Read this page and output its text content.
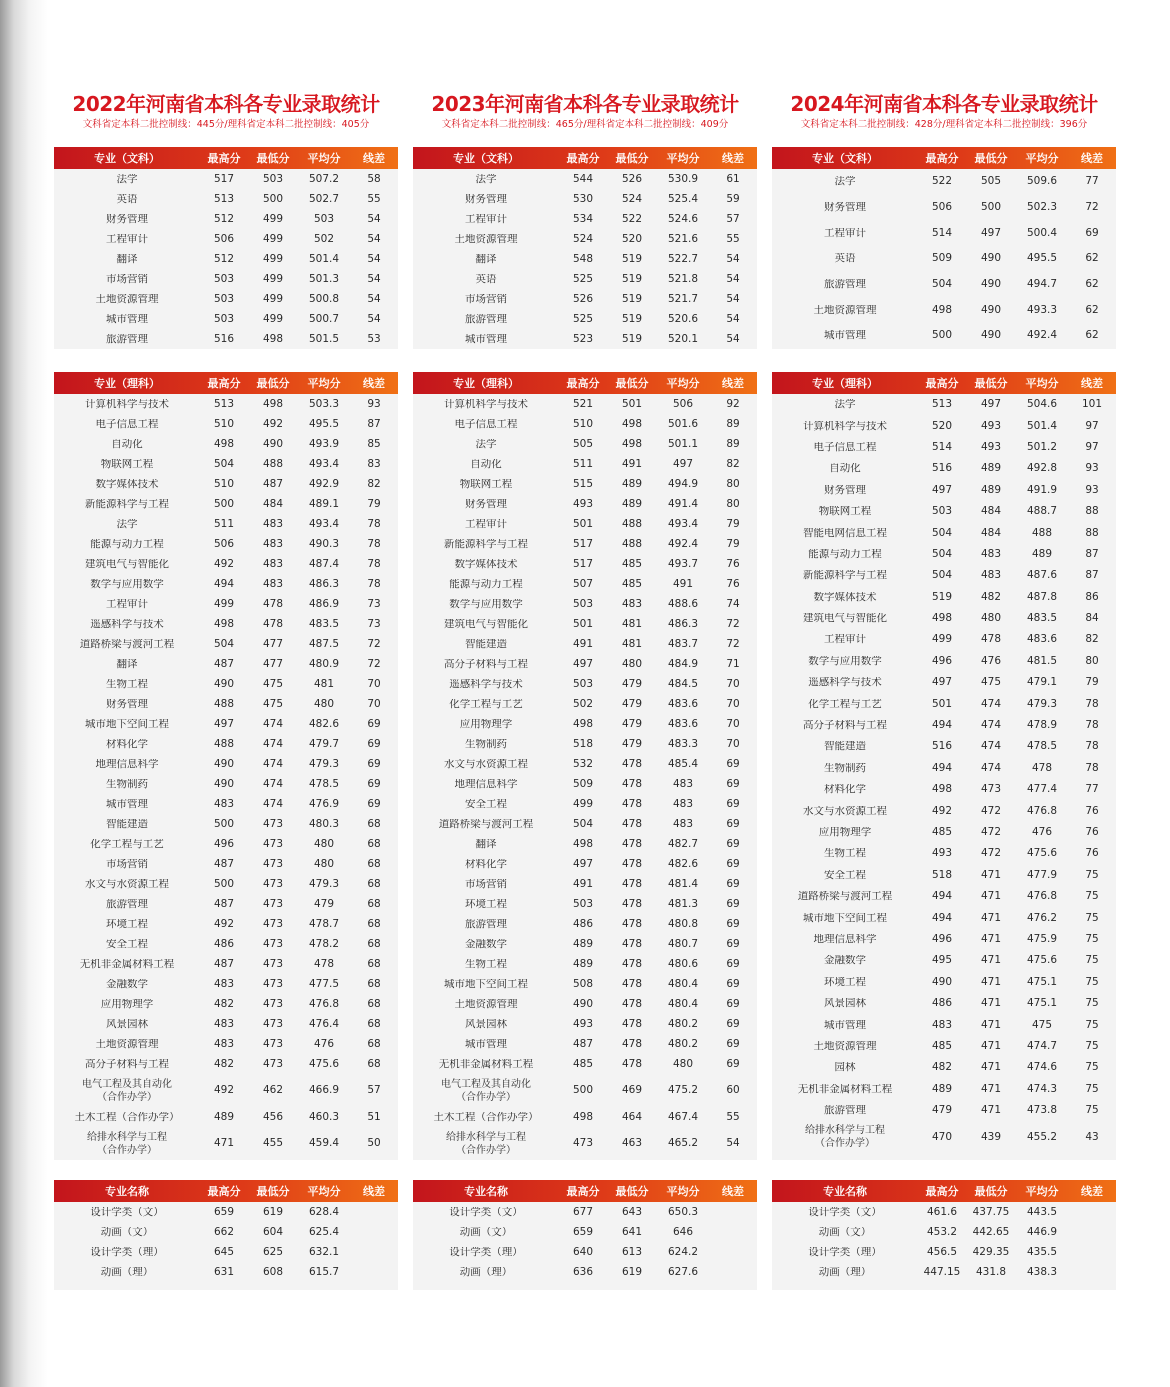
2022年河南省本科各专业录取统计
文科省定本科二批控制线：445分/理科省定本科二批控制线：405分
专业（文科）	最高分	最低分	平均分	线差
法学	517	503	507.2	58
英语	513	500	502.7	55
财务管理	512	499	503	54
工程审计	506	499	502	54
翻译	512	499	501.4	54
市场营销	503	499	501.3	54
土地资源管理	503	499	500.8	54
城市管理	503	499	500.7	54
旅游管理	516	498	501.5	53
专业（理科）	最高分	最低分	平均分	线差
计算机科学与技术	513	498	503.3	93
电子信息工程	510	492	495.5	87
自动化	498	490	493.9	85
物联网工程	504	488	493.4	83
数字媒体技术	510	487	492.9	82
新能源科学与工程	500	484	489.1	79
法学	511	483	493.4	78
能源与动力工程	506	483	490.3	78
建筑电气与智能化	492	483	487.4	78
数学与应用数学	494	483	486.3	78
工程审计	499	478	486.9	73
遥感科学与技术	498	478	483.5	73
道路桥梁与渡河工程	504	477	487.5	72
翻译	487	477	480.9	72
生物工程	490	475	481	70
财务管理	488	475	480	70
城市地下空间工程	497	474	482.6	69
材料化学	488	474	479.7	69
地理信息科学	490	474	479.3	69
生物制药	490	474	478.5	69
城市管理	483	474	476.9	69
智能建造	500	473	480.3	68
化学工程与工艺	496	473	480	68
市场营销	487	473	480	68
水文与水资源工程	500	473	479.3	68
旅游管理	487	473	479	68
环境工程	492	473	478.7	68
安全工程	486	473	478.2	68
无机非金属材料工程	487	473	478	68
金融数学	483	473	477.5	68
应用物理学	482	473	476.8	68
风景园林	483	473	476.4	68
土地资源管理	483	473	476	68
高分子材料与工程	482	473	475.6	68
电气工程及其自动化
（合作办学）
492	462	466.9	57
土木工程（合作办学）	489	456	460.3	51
给排水科学与工程
（合作办学）
471	455	459.4	50
专业名称	最高分	最低分	平均分	线差
设计学类（文）	659	619	628.4
动画（文）	662	604	625.4
设计学类（理）	645	625	632.1
动画（理）	631	608	615.7
2023年河南省本科各专业录取统计
文科省定本科二批控制线：465分/理科省定本科二批控制线：409分
专业（文科）	最高分	最低分	平均分	线差
法学	544	526	530.9	61
财务管理	530	524	525.4	59
工程审计	534	522	524.6	57
土地资源管理	524	520	521.6	55
翻译	548	519	522.7	54
英语	525	519	521.8	54
市场营销	526	519	521.7	54
旅游管理	525	519	520.6	54
城市管理	523	519	520.1	54
专业（理科）	最高分	最低分	平均分	线差
计算机科学与技术	521	501	506	92
电子信息工程	510	498	501.6	89
法学	505	498	501.1	89
自动化	511	491	497	82
物联网工程	515	489	494.9	80
财务管理	493	489	491.4	80
工程审计	501	488	493.4	79
新能源科学与工程	517	488	492.4	79
数字媒体技术	517	485	493.7	76
能源与动力工程	507	485	491	76
数学与应用数学	503	483	488.6	74
建筑电气与智能化	501	481	486.3	72
智能建造	491	481	483.7	72
高分子材料与工程	497	480	484.9	71
遥感科学与技术	503	479	484.5	70
化学工程与工艺	502	479	483.6	70
应用物理学	498	479	483.6	70
生物制药	518	479	483.3	70
水文与水资源工程	532	478	485.4	69
地理信息科学	509	478	483	69
安全工程	499	478	483	69
道路桥梁与渡河工程	504	478	483	69
翻译	498	478	482.7	69
材料化学	497	478	482.6	69
市场营销	491	478	481.4	69
环境工程	503	478	481.3	69
旅游管理	486	478	480.8	69
金融数学	489	478	480.7	69
生物工程	489	478	480.6	69
城市地下空间工程	508	478	480.4	69
土地资源管理	490	478	480.4	69
风景园林	493	478	480.2	69
城市管理	487	478	480.2	69
无机非金属材料工程	485	478	480	69
电气工程及其自动化
（合作办学）
500	469	475.2	60
土木工程（合作办学）	498	464	467.4	55
给排水科学与工程
（合作办学）
473	463	465.2	54
专业名称	最高分	最低分	平均分	线差
设计学类（文）	677	643	650.3
动画（文）	659	641	646
设计学类（理）	640	613	624.2
动画（理）	636	619	627.6
2024年河南省本科各专业录取统计
文科省定本科二批控制线：428分/理科省定本科二批控制线：396分
专业（文科）	最高分	最低分	平均分	线差
法学	522	505	509.6	77
财务管理	506	500	502.3	72
工程审计	514	497	500.4	69
英语	509	490	495.5	62
旅游管理	504	490	494.7	62
土地资源管理	498	490	493.3	62
城市管理	500	490	492.4	62
专业（理科）	最高分	最低分	平均分	线差
法学	513	497	504.6	101
计算机科学与技术	520	493	501.4	97
电子信息工程	514	493	501.2	97
自动化	516	489	492.8	93
财务管理	497	489	491.9	93
物联网工程	503	484	488.7	88
智能电网信息工程	504	484	488	88
能源与动力工程	504	483	489	87
新能源科学与工程	504	483	487.6	87
数字媒体技术	519	482	487.8	86
建筑电气与智能化	498	480	483.5	84
工程审计	499	478	483.6	82
数学与应用数学	496	476	481.5	80
遥感科学与技术	497	475	479.1	79
化学工程与工艺	501	474	479.3	78
高分子材料与工程	494	474	478.9	78
智能建造	516	474	478.5	78
生物制药	494	474	478	78
材料化学	498	473	477.4	77
水文与水资源工程	492	472	476.8	76
应用物理学	485	472	476	76
生物工程	493	472	475.6	76
安全工程	518	471	477.9	75
道路桥梁与渡河工程	494	471	476.8	75
城市地下空间工程	494	471	476.2	75
地理信息科学	496	471	475.9	75
金融数学	495	471	475.6	75
环境工程	490	471	475.1	75
风景园林	486	471	475.1	75
城市管理	483	471	475	75
土地资源管理	485	471	474.7	75
园林	482	471	474.6	75
无机非金属材料工程	489	471	474.3	75
旅游管理	479	471	473.8	75
给排水科学与工程
（合作办学）
470	439	455.2	43
专业名称	最高分	最低分	平均分	线差
设计学类（文）	461.6	437.75	443.5
动画（文）	453.2	442.65	446.9
设计学类（理）	456.5	429.35	435.5
动画（理）	447.15	431.8	438.3
